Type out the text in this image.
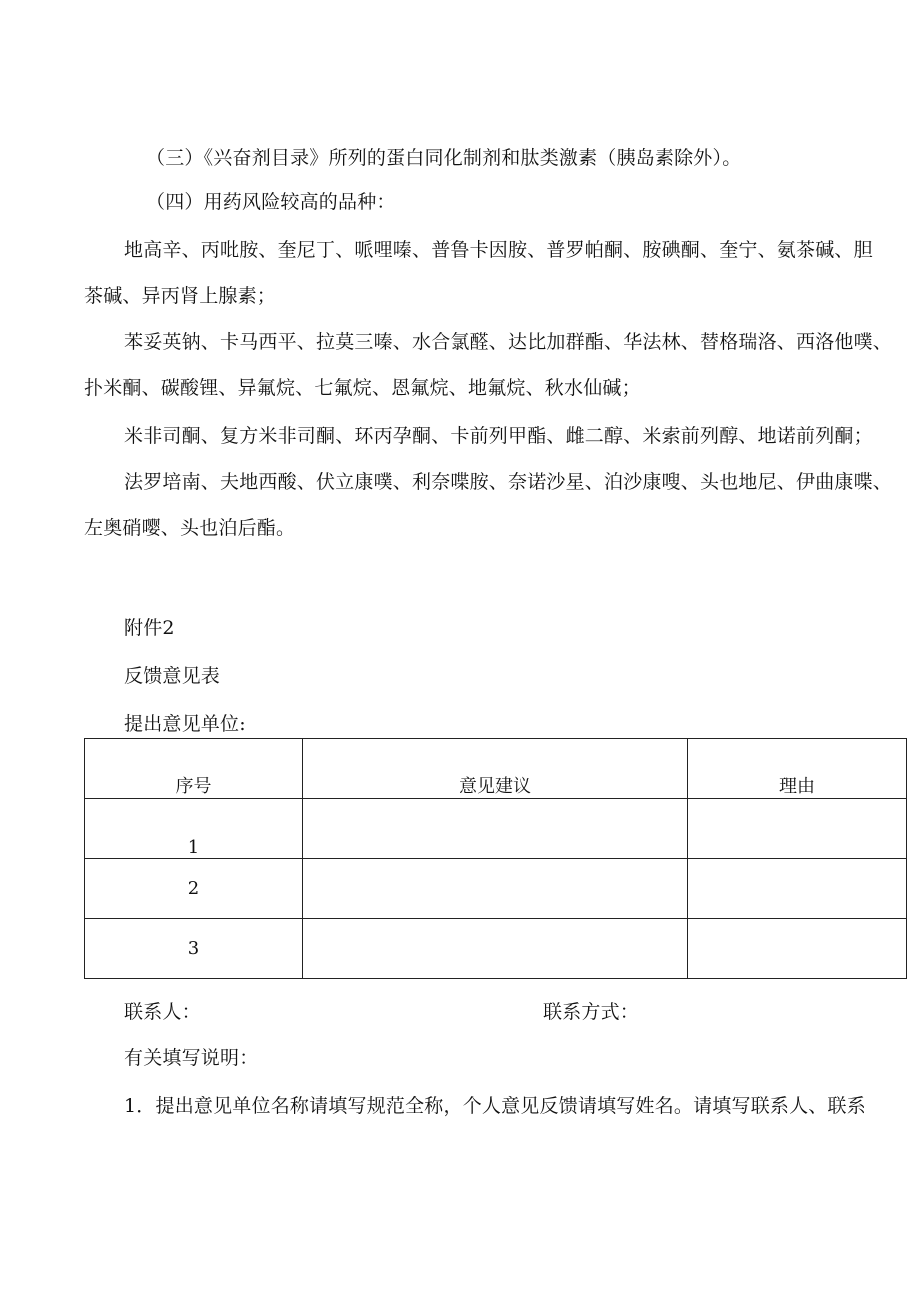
（三）《兴奋剂目录》所列的蛋白同化制剂和肽类激素（胰岛素除外）。
（四）用药风险较高的品种：
地高辛、丙吡胺、奎尼丁、哌哩嗪、普鲁卡因胺、普罗帕酮、胺碘酮、奎宁、氨茶碱、胆
茶碱、异丙肾上腺素；
苯妥英钠、卡马西平、拉莫三嗪、水合氯醛、达比加群酯、华法林、替格瑞洛、西洛他噗、
扑米酮、碳酸锂、异氟烷、七氟烷、恩氟烷、地氟烷、秋水仙碱；
米非司酮、复方米非司酮、环丙孕酮、卡前列甲酯、雌二醇、米索前列醇、地诺前列酮；
法罗培南、夫地西酸、伏立康噗、利奈喋胺、奈诺沙星、泊沙康嗖、头也地尼、伊曲康喋、
左奥硝嘤、头也泊后酯。
附件2
反馈意见表
提出意见单位:
序号	意见建议	理由
1		
2		
3		
联系人：	联系方式：
有关填写说明：
1．提出意见单位名称请填写规范全称，个人意见反馈请填写姓名。请填写联系人、联系
